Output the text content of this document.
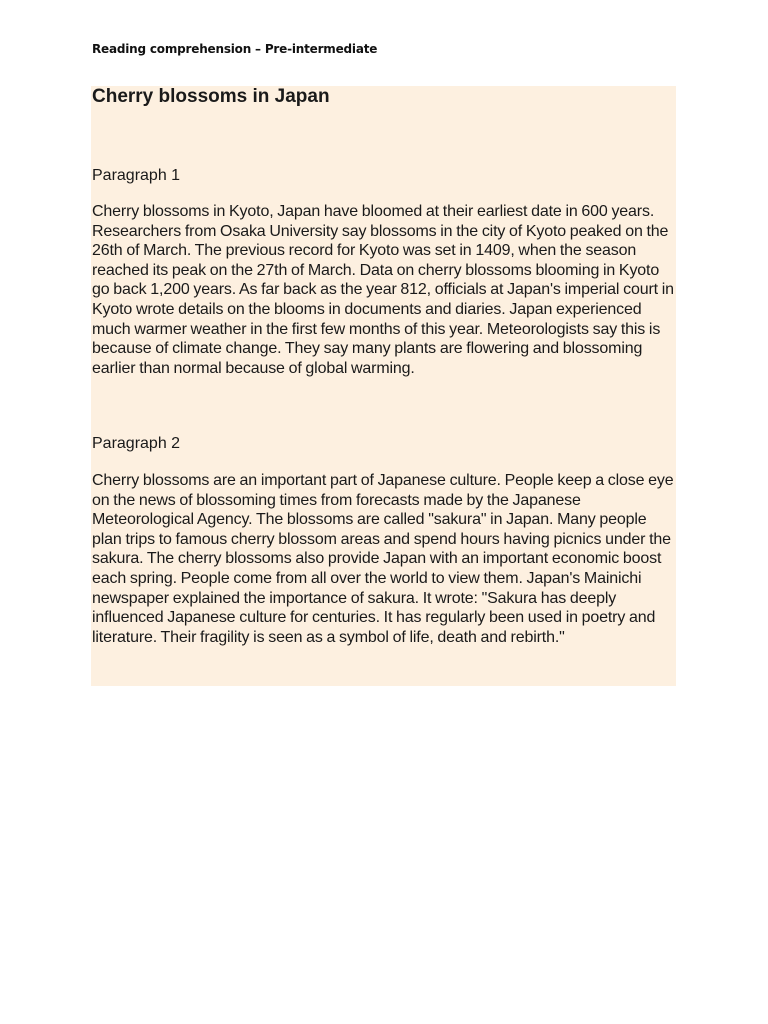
Reading comprehension – Pre-intermediate
Cherry blossoms in Japan

Paragraph 1

Cherry blossoms in Kyoto, Japan have bloomed at their earliest date in 600 years. Researchers from Osaka University say blossoms in the city of Kyoto peaked on the 26th of March. The previous record for Kyoto was set in 1409, when the season reached its peak on the 27th of March. Data on cherry blossoms blooming in Kyoto go back 1,200 years. As far back as the year 812, officials at Japan's imperial court in Kyoto wrote details on the blooms in documents and diaries. Japan experienced much warmer weather in the first few months of this year. Meteorologists say this is because of climate change. They say many plants are flowering and blossoming earlier than normal because of global warming.

Paragraph 2

Cherry blossoms are an important part of Japanese culture. People keep a close eye on the news of blossoming times from forecasts made by the Japanese Meteorological Agency. The blossoms are called "sakura" in Japan. Many people plan trips to famous cherry blossom areas and spend hours having picnics under the sakura. The cherry blossoms also provide Japan with an important economic boost each spring. People come from all over the world to view them. Japan's Mainichi newspaper explained the importance of sakura. It wrote: "Sakura has deeply influenced Japanese culture for centuries. It has regularly been used in poetry and literature. Their fragility is seen as a symbol of life, death and rebirth."
